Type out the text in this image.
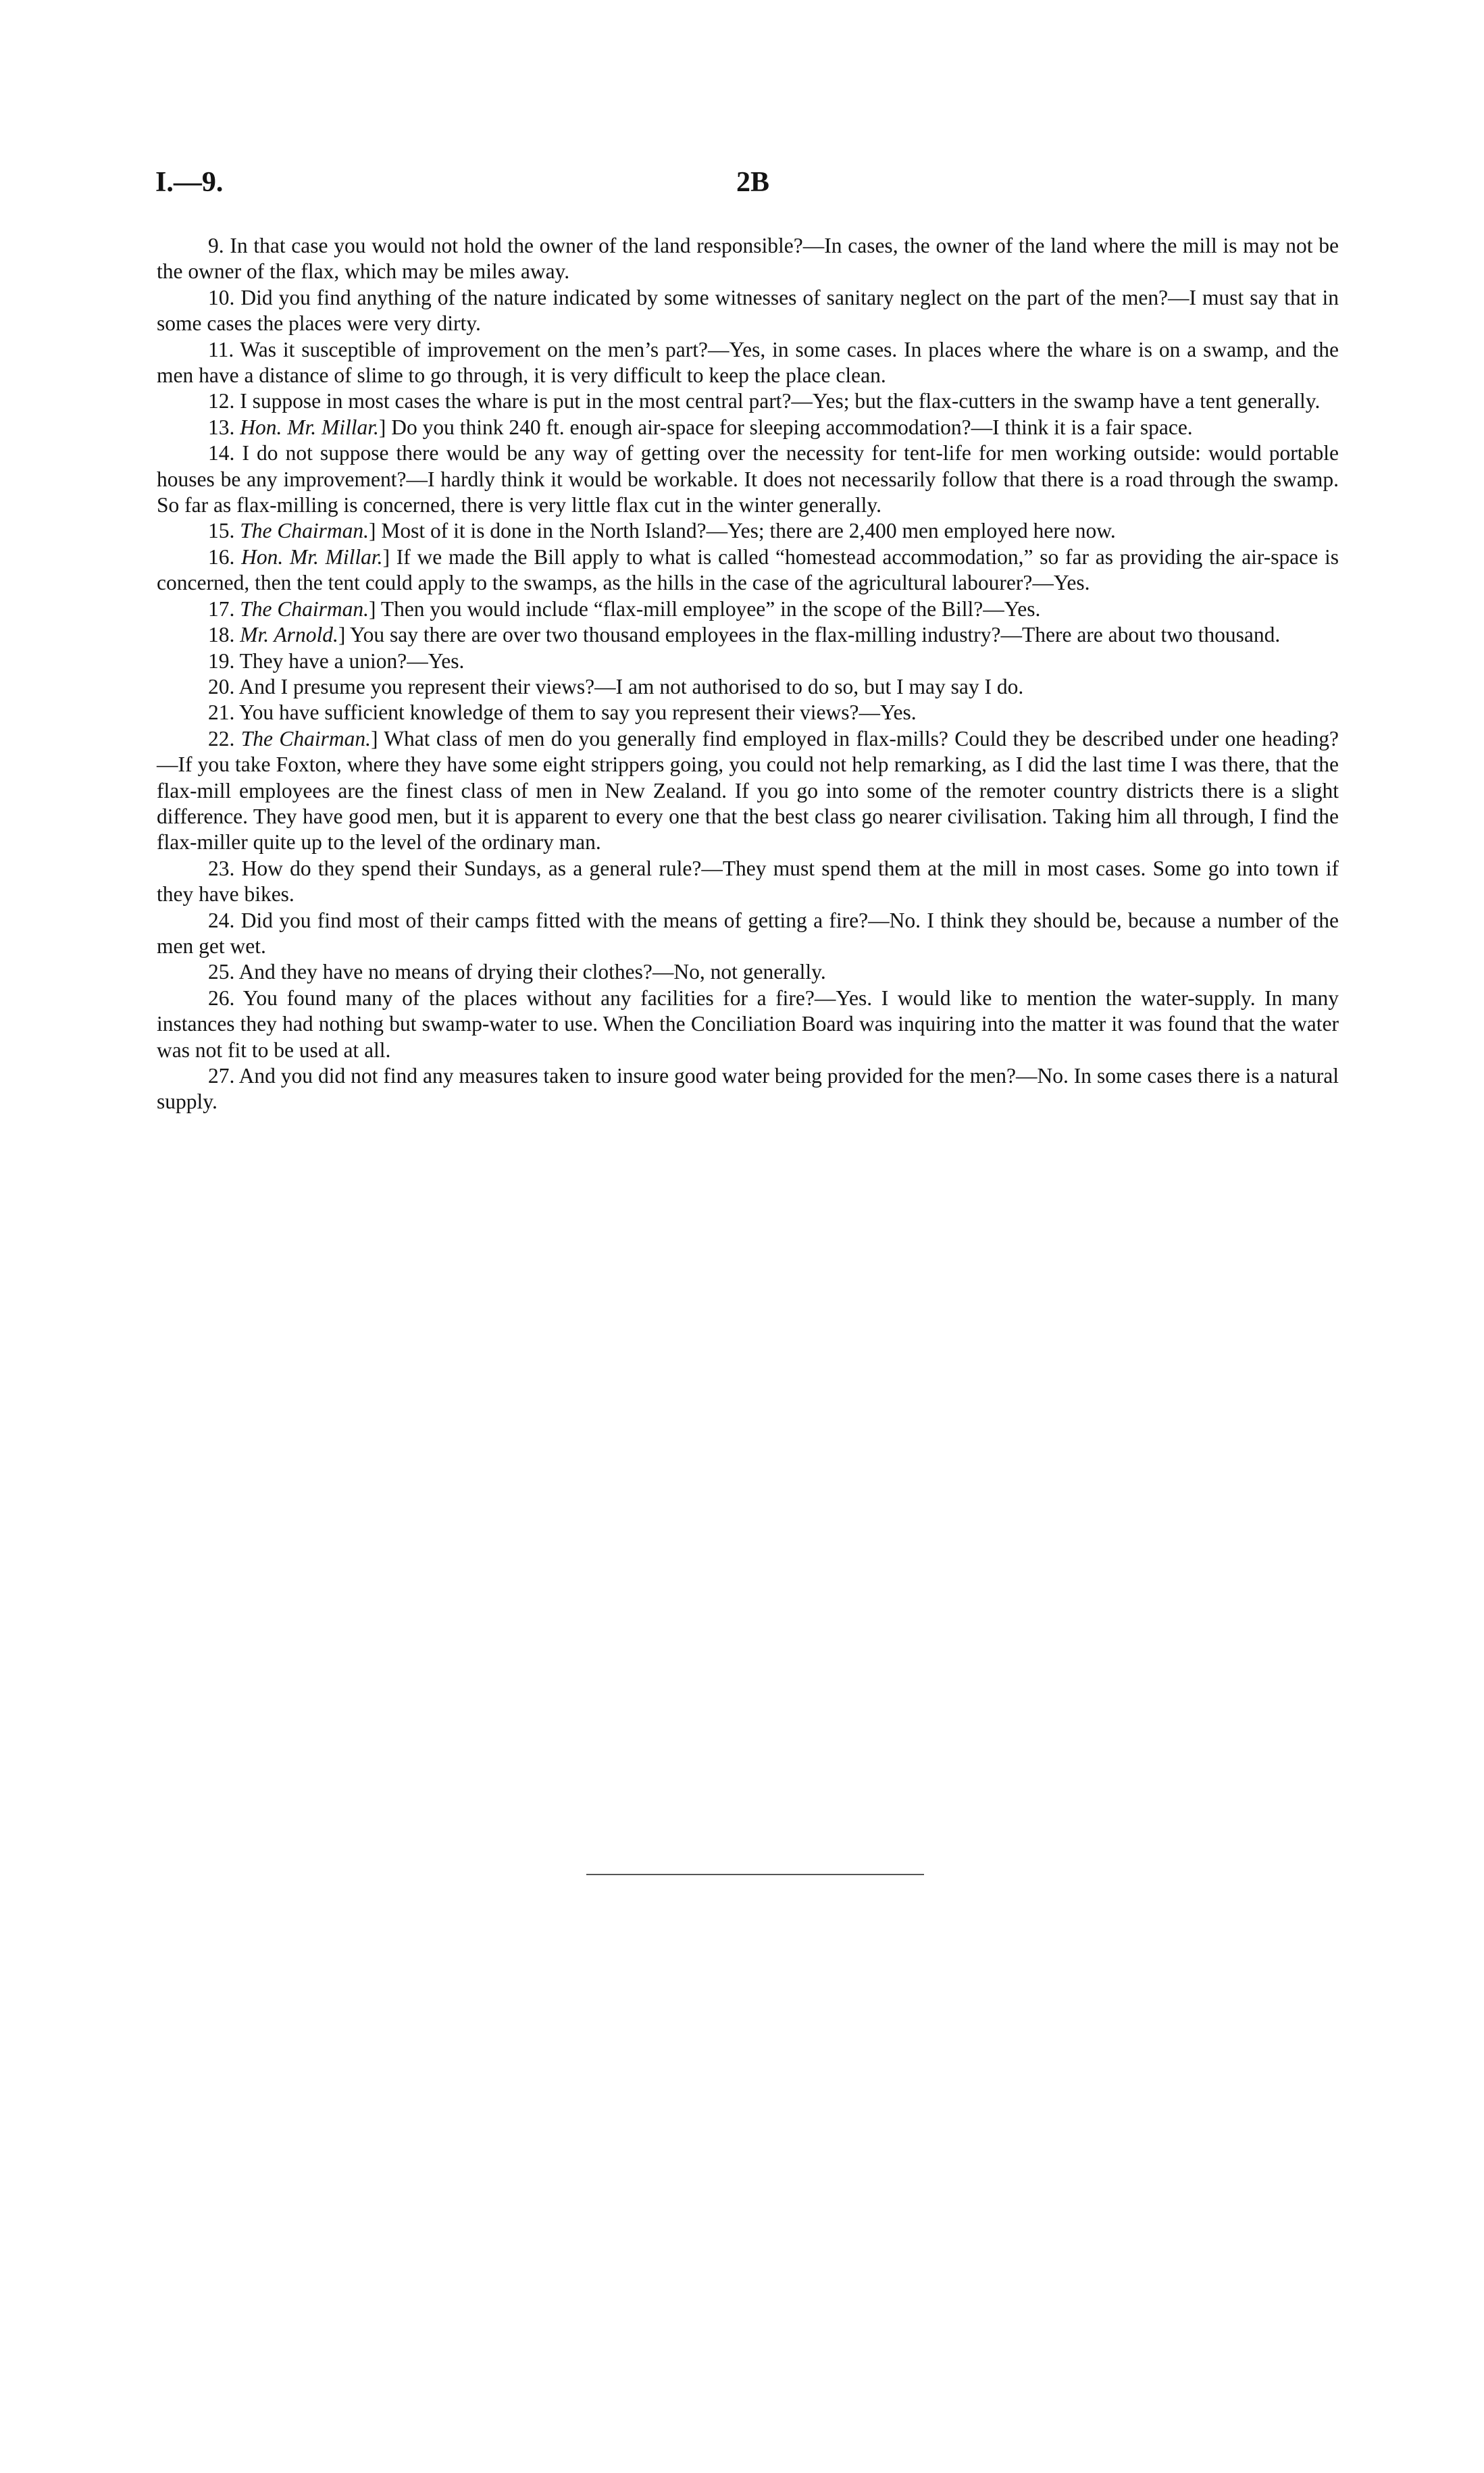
I.—9.	2B

9. In that case you would not hold the owner of the land responsible?—In cases, the owner of the land where the mill is may not be the owner of the flax, which may be miles away.

10. Did you find anything of the nature indicated by some witnesses of sanitary neglect on the part of the men?—I must say that in some cases the places were very dirty.

11. Was it susceptible of improvement on the men’s part?—Yes, in some cases. In places where the whare is on a swamp, and the men have a distance of slime to go through, it is very difficult to keep the place clean.

12. I suppose in most cases the whare is put in the most central part?—Yes; but the flax-cutters in the swamp have a tent generally.

13. Hon. Mr. Millar.] Do you think 240 ft. enough air-space for sleeping accommodation?—I think it is a fair space.

14. I do not suppose there would be any way of getting over the necessity for tent-life for men working outside: would portable houses be any improvement?—I hardly think it would be workable. It does not necessarily follow that there is a road through the swamp. So far as flax-milling is concerned, there is very little flax cut in the winter generally.

15. The Chairman.] Most of it is done in the North Island?—Yes; there are 2,400 men employed here now.

16. Hon. Mr. Millar.] If we made the Bill apply to what is called “homestead accommodation,” so far as providing the air-space is concerned, then the tent could apply to the swamps, as the hills in the case of the agricultural labourer?—Yes.

17. The Chairman.] Then you would include “flax-mill employee” in the scope of the Bill?—Yes.

18. Mr. Arnold.] You say there are over two thousand employees in the flax-milling industry?—There are about two thousand.

19. They have a union?—Yes.

20. And I presume you represent their views?—I am not authorised to do so, but I may say I do.

21. You have sufficient knowledge of them to say you represent their views?—Yes.

22. The Chairman.] What class of men do you generally find employed in flax-mills? Could they be described under one heading?—If you take Foxton, where they have some eight strippers going, you could not help remarking, as I did the last time I was there, that the flax-mill employees are the finest class of men in New Zealand. If you go into some of the remoter country districts there is a slight difference. They have good men, but it is apparent to every one that the best class go nearer civilisation. Taking him all through, I find the flax-miller quite up to the level of the ordinary man.

23. How do they spend their Sundays, as a general rule?—They must spend them at the mill in most cases. Some go into town if they have bikes.

24. Did you find most of their camps fitted with the means of getting a fire?—No. I think they should be, because a number of the men get wet.

25. And they have no means of drying their clothes?—No, not generally.

26. You found many of the places without any facilities for a fire?—Yes. I would like to mention the water-supply. In many instances they had nothing but swamp-water to use. When the Conciliation Board was inquiring into the matter it was found that the water was not fit to be used at all.

27. And you did not find any measures taken to insure good water being provided for the men?—No. In some cases there is a natural supply.
